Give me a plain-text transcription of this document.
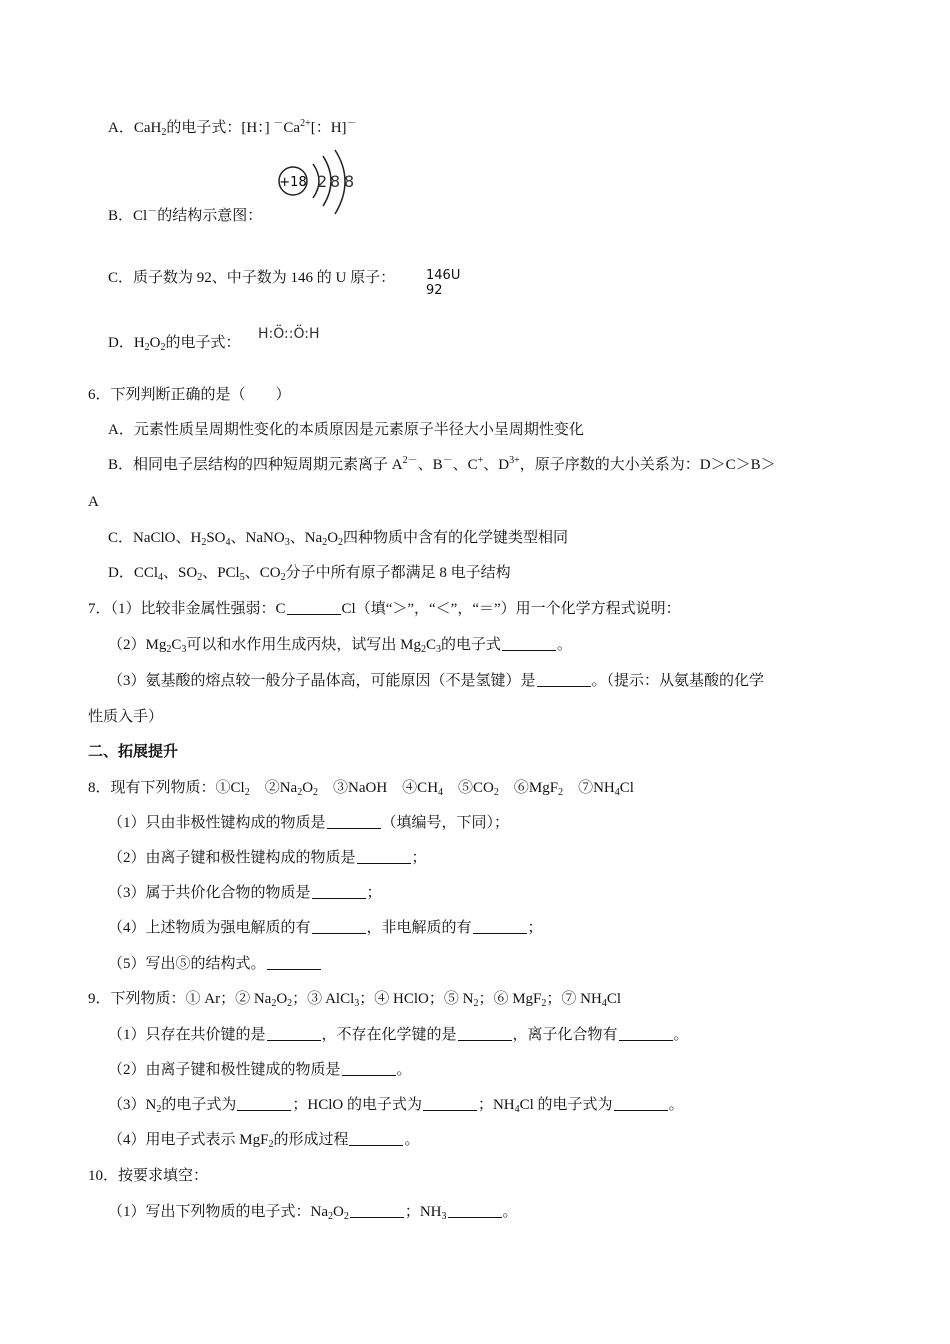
A．CaH$_2$的电子式：[H：] $^-Ca^{2+}$[：H]－
B．Cl－的结构示意图：
C．质子数为 92、中子数为 146 的 U 原子：
D．$H_2O_2$的电子式：
6．下列判断正确的是（　　）
A．元素性质呈周期性变化的本质原因是元素原子半径大小呈周期性变化
B．相同电子层结构的四种短周期元素离子 $A^{2-}$、B－、C+、$D^{3+}$，原子序数的大小关系为：D＞C＞B＞
A
C．NaClO、$H_2SO_4$、NaNO$_3$、$Na_2O_2$四种物质中含有的化学键类型相同
D．CCl$_4$、$SO_2$、PCl$_5$、$CO_2$分子中所有原子都满足 8 电子结构
7．（1）比较非金属性强弱：C	Cl（填“＞”，“＜”，“＝”）用一个化学方程式说明：
$(2)Mg_2C_3$可以和水作用生成丙炔，试写出 $Mg_2C_3$的电子式	。
（3）氨基酸的熔点较一般分子晶体高，可能原因（不是氢键）是	。（提示：从氨基酸的化学
性质入手）
二、拓展提升
8．现有下列物质：$①Cl_2$　$②Na_2O_2$　③NaOH　$④CH_4$　$⑤CO_2$　⑥MgF$_2$　$⑦NH_4Cl$
（1）只由非极性键构成的物质是	（填编号，下同）；
（2）由离子键和极性键构成的物质是	；
（3）属于共价化合物的物质是	；
（4）上述物质为强电解质的有	，非电解质的有	；
（5）写出⑤的结构式。
9．下列物质：① Ar；② $Na_2O_2$；③ AlCl$_3$；④ HClO；⑤ $N_2$；⑥ MgF$_2$；⑦ $NH_4Cl$
（1）只存在共价键的是	，不存在化学键的是	，离子化合物有	。
（2）由离子键和极性键成的物质是	。
$(3)N_2$的电子式为	；HClO 的电子式为	；$NH_4Cl$ 的电子式为	。
（4）用电子式表示 MgF$_2$的形成过程	。
10．按要求填空：
（1）写出下列物质的电子式：$Na_2O_2$	；$NH_3$	。
+18 2 8 8
146U
92
H:Ö::Ö:H
